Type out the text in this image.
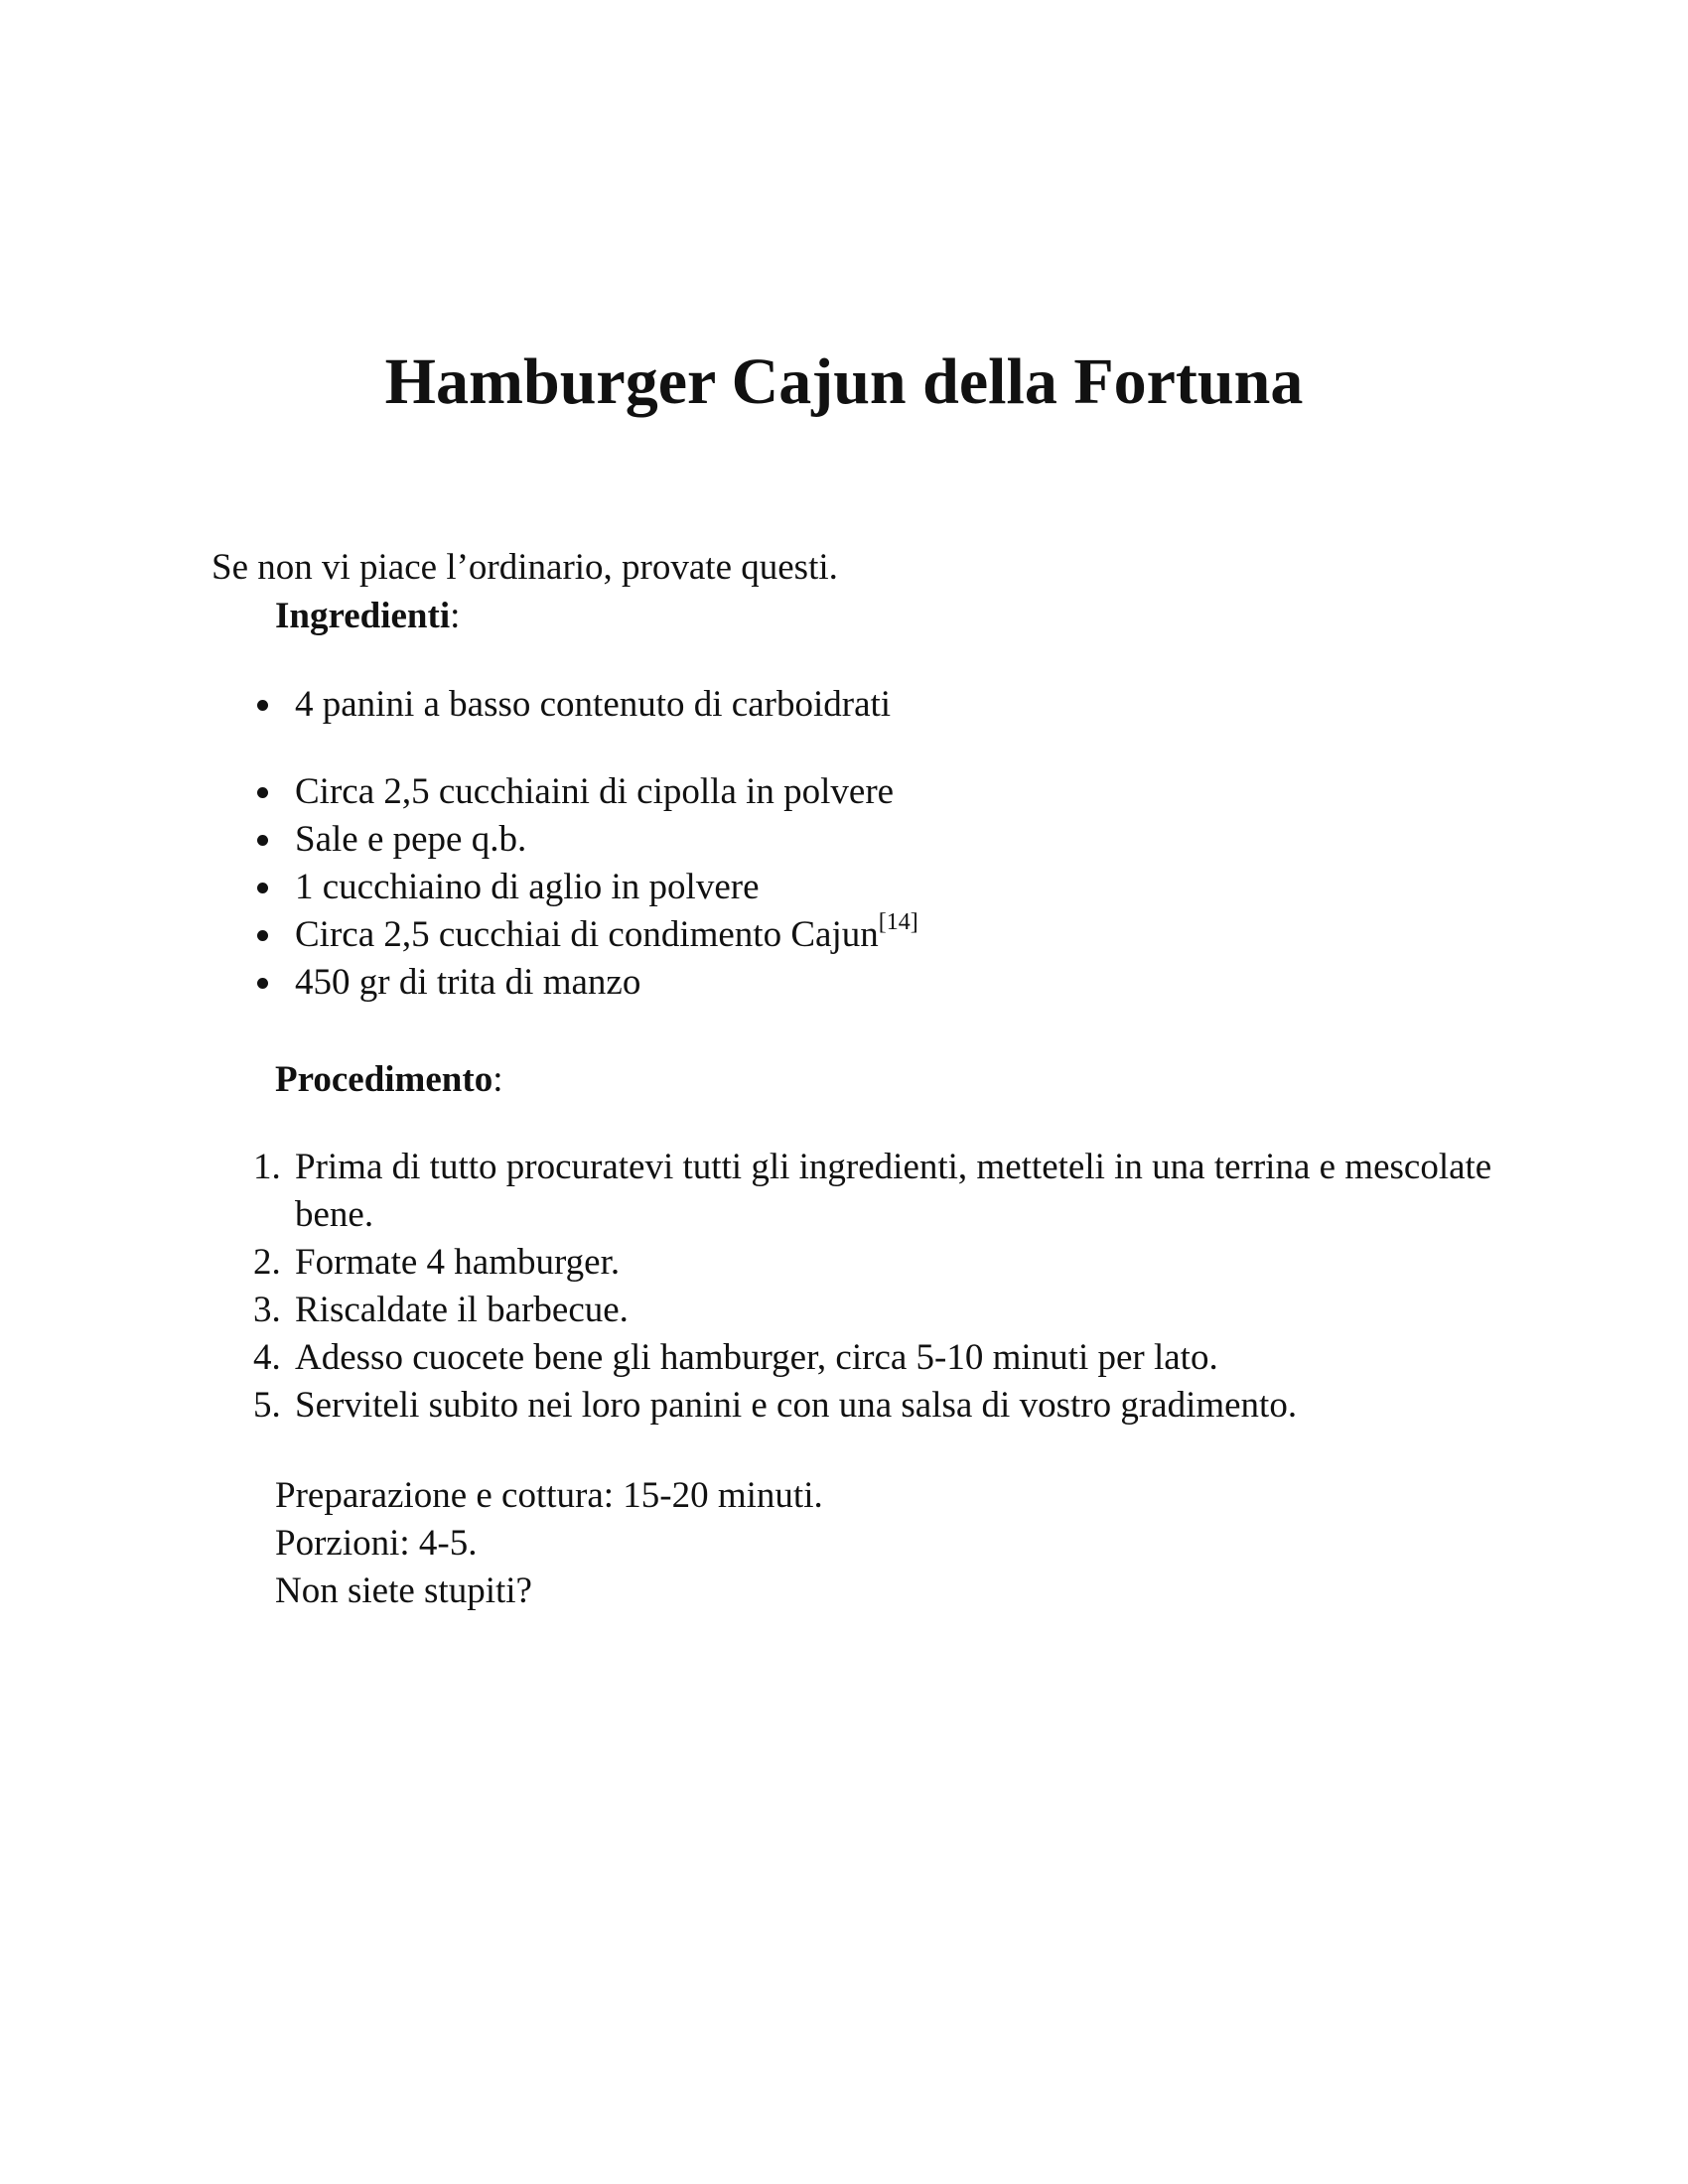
Hamburger Cajun della Fortuna

Se non vi piace l’ordinario, provate questi.

Ingredienti:

4 panini a basso contenuto di carboidrati
Circa 2,5 cucchiaini di cipolla in polvere
Sale e pepe q.b.
1 cucchiaino di aglio in polvere
Circa 2,5 cucchiai di condimento Cajun[14]
450 gr di trita di manzo

Procedimento:

1. Prima di tutto procuratevi tutti gli ingredienti, metteteli in una terrina e mescolate bene.
2. Formate 4 hamburger.
3. Riscaldate il barbecue.
4. Adesso cuocete bene gli hamburger, circa 5-10 minuti per lato.
5. Serviteli subito nei loro panini e con una salsa di vostro gradimento.
Preparazione e cottura: 15-20 minuti.
Porzioni: 4-5.
Non siete stupiti?
